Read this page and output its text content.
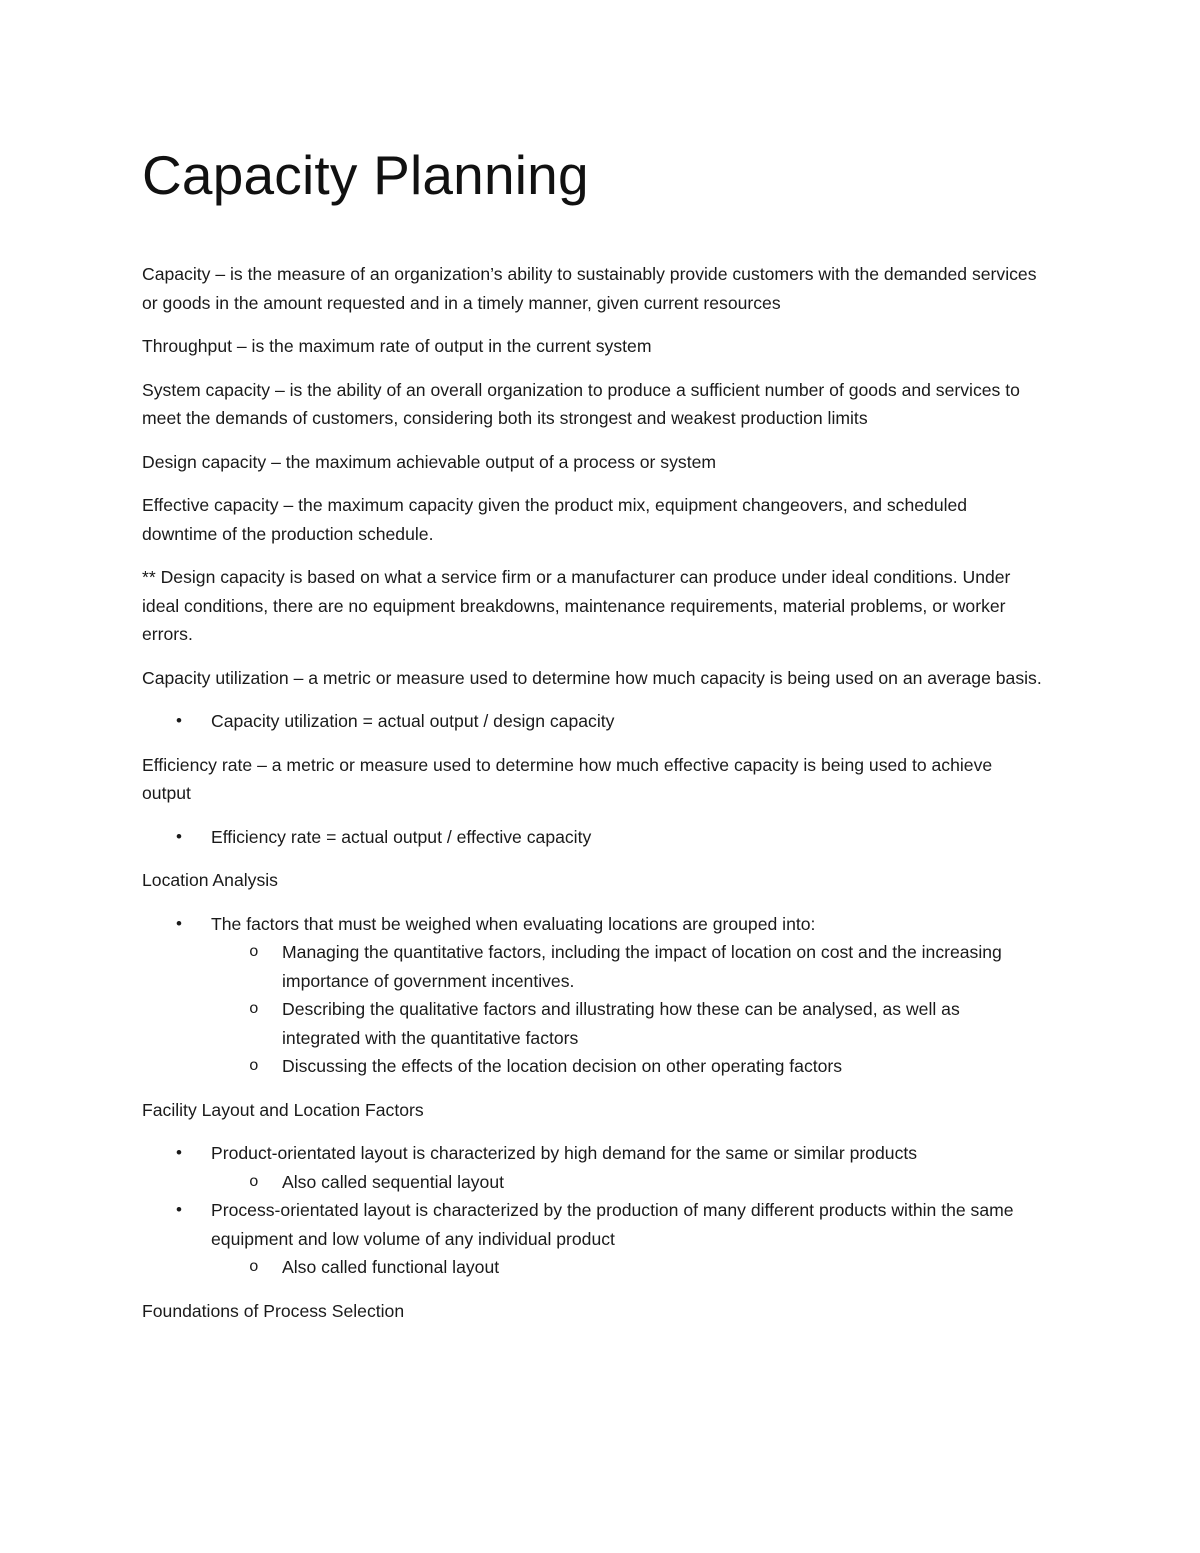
Capacity Planning

Capacity – is the measure of an organization’s ability to sustainably provide customers with the demanded services or goods in the amount requested and in a timely manner, given current resources

Throughput – is the maximum rate of output in the current system

System capacity – is the ability of an overall organization to produce a sufficient number of goods and services to meet the demands of customers, considering both its strongest and weakest production limits

Design capacity – the maximum achievable output of a process or system

Effective capacity – the maximum capacity given the product mix, equipment changeovers, and scheduled downtime of the production schedule.

** Design capacity is based on what a service firm or a manufacturer can produce under ideal conditions. Under ideal conditions, there are no equipment breakdowns, maintenance requirements, material problems, or worker errors.

Capacity utilization – a metric or measure used to determine how much capacity is being used on an average basis.

• Capacity utilization = actual output / design capacity

Efficiency rate – a metric or measure used to determine how much effective capacity is being used to achieve output

• Efficiency rate = actual output / effective capacity

Location Analysis

• The factors that must be weighed when evaluating locations are grouped into:
o Managing the quantitative factors, including the impact of location on cost and the increasing importance of government incentives.
o Describing the qualitative factors and illustrating how these can be analysed, as well as integrated with the quantitative factors
o Discussing the effects of the location decision on other operating factors

Facility Layout and Location Factors

• Product-orientated layout is characterized by high demand for the same or similar products
o Also called sequential layout
• Process-orientated layout is characterized by the production of many different products within the same equipment and low volume of any individual product
o Also called functional layout

Foundations of Process Selection
